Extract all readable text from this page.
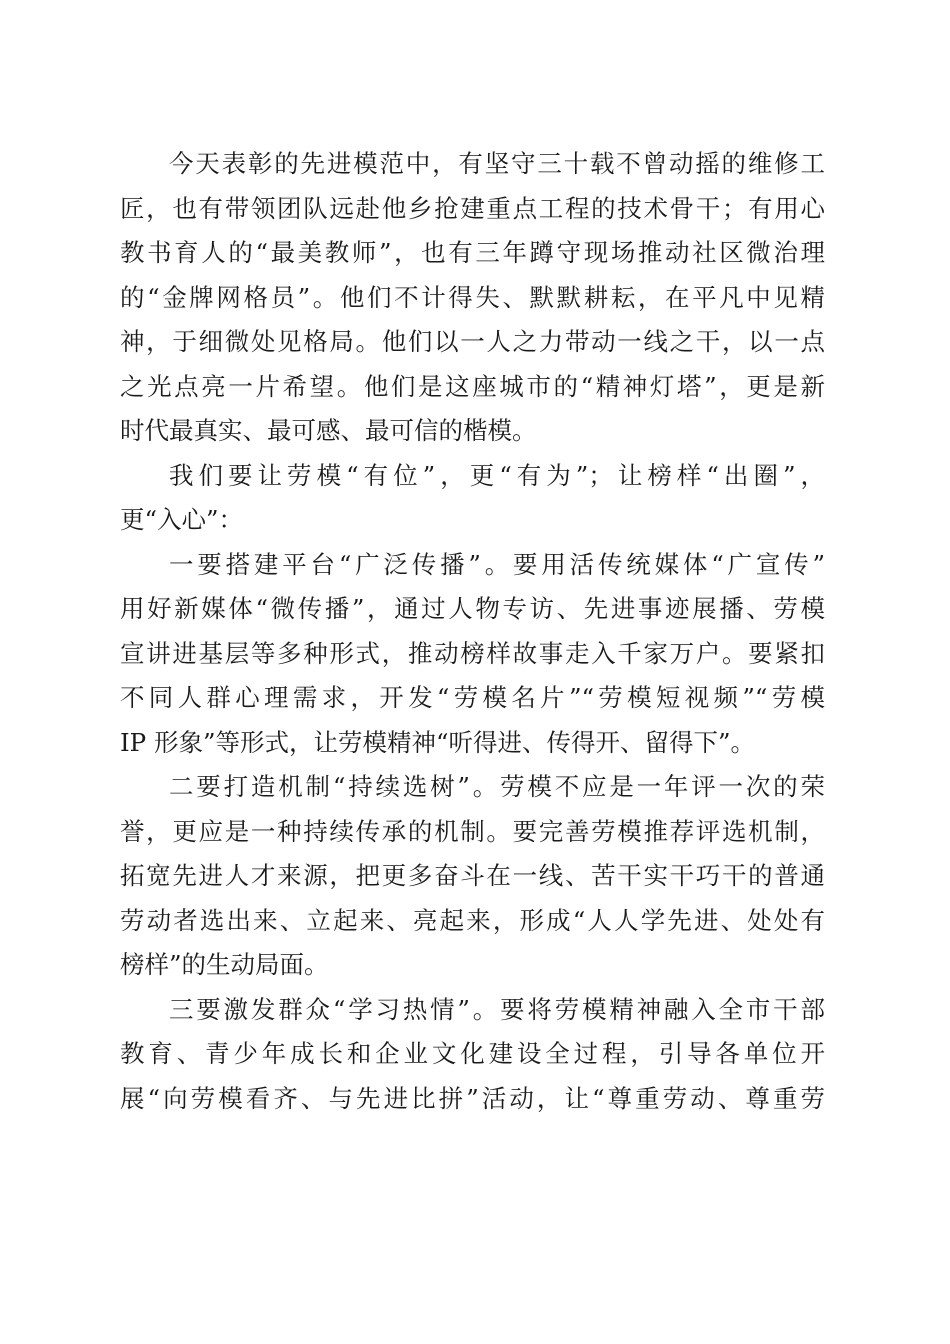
今天表彰的先进模范中，有坚守三十载不曾动摇的维修工
匠，也有带领团队远赴他乡抢建重点工程的技术骨干；有用心
教书育人的“最美教师”，也有三年蹲守现场推动社区微治理
的“金牌网格员”。他们不计得失、默默耕耘，在平凡中见精
神，于细微处见格局。他们以一人之力带动一线之干，以一点
之光点亮一片希望。他们是这座城市的“精神灯塔”，更是新
时代最真实、最可感、最可信的楷模。
我们要让劳模“有位”，更“有为”；让榜样“出圈”，
更“入心”：
一要搭建平台“广泛传播”。要用活传统媒体“广宣传”
用好新媒体“微传播”，通过人物专访、先进事迹展播、劳模
宣讲进基层等多种形式，推动榜样故事走入千家万户。要紧扣
不同人群心理需求，开发“劳模名片”“劳模短视频”“劳模
IP 形象”等形式，让劳模精神“听得进、传得开、留得下”。
二要打造机制“持续选树”。劳模不应是一年评一次的荣
誉，更应是一种持续传承的机制。要完善劳模推荐评选机制，
拓宽先进人才来源，把更多奋斗在一线、苦干实干巧干的普通
劳动者选出来、立起来、亮起来，形成“人人学先进、处处有
榜样”的生动局面。
三要激发群众“学习热情”。要将劳模精神融入全市干部
教育、青少年成长和企业文化建设全过程，引导各单位开
展“向劳模看齐、与先进比拼”活动，让“尊重劳动、尊重劳
